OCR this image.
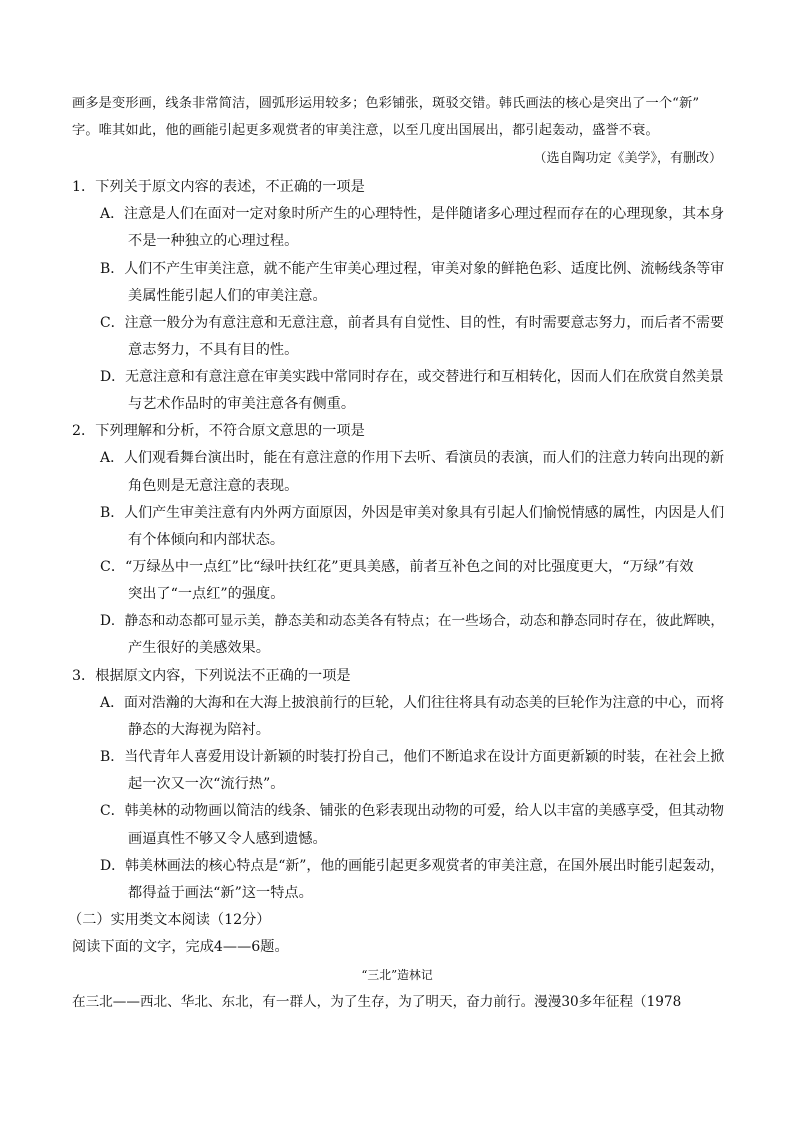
画多是变形画，线条非常简洁，圆弧形运用较多；色彩铺张，斑驳交错。韩氏画法的核心是突出了一个“新”
字。唯其如此，他的画能引起更多观赏者的审美注意，以至几度出国展出，都引起轰动，盛誉不衰。
（选自陶功定《美学》，有删改）
1．下列关于原文内容的表述，不正确的一项是
A．注意是人们在面对一定对象时所产生的心理特性，是伴随诸多心理过程而存在的心理现象，其本身
不是一种独立的心理过程。
B．人们不产生审美注意，就不能产生审美心理过程，审美对象的鲜艳色彩、适度比例、流畅线条等审
美属性能引起人们的审美注意。
C．注意一般分为有意注意和无意注意，前者具有自觉性、目的性，有时需要意志努力，而后者不需要
意志努力，不具有目的性。
D．无意注意和有意注意在审美实践中常同时存在，或交替进行和互相转化，因而人们在欣赏自然美景
与艺术作品时的审美注意各有侧重。
2．下列理解和分析，不符合原文意思的一项是
A．人们观看舞台演出时，能在有意注意的作用下去听、看演员的表演，而人们的注意力转向出现的新
角色则是无意注意的表现。
B．人们产生审美注意有内外两方面原因，外因是审美对象具有引起人们愉悦情感的属性，内因是人们
有个体倾向和内部状态。
C．“万绿丛中一点红”比“绿叶扶红花”更具美感，前者互补色之间的对比强度更大，“万绿”有效
突出了“一点红”的强度。
D．静态和动态都可显示美，静态美和动态美各有特点；在一些场合，动态和静态同时存在，彼此辉映，
产生很好的美感效果。
3．根据原文内容，下列说法不正确的一项是
A．面对浩瀚的大海和在大海上披浪前行的巨轮，人们往往将具有动态美的巨轮作为注意的中心，而将
静态的大海视为陪衬。
B．当代青年人喜爱用设计新颖的时装打扮自己，他们不断追求在设计方面更新颖的时装，在社会上掀
起一次又一次“流行热”。
C．韩美林的动物画以简洁的线条、铺张的色彩表现出动物的可爱，给人以丰富的美感享受，但其动物
画逼真性不够又令人感到遗憾。
D．韩美林画法的核心特点是“新”，他的画能引起更多观赏者的审美注意，在国外展出时能引起轰动，
都得益于画法“新”这一特点。
（二）实用类文本阅读（12分）
阅读下面的文字，完成4——6题。
“三北”造林记
在三北——西北、华北、东北，有一群人，为了生存，为了明天，奋力前行。漫漫30多年征程（1978
